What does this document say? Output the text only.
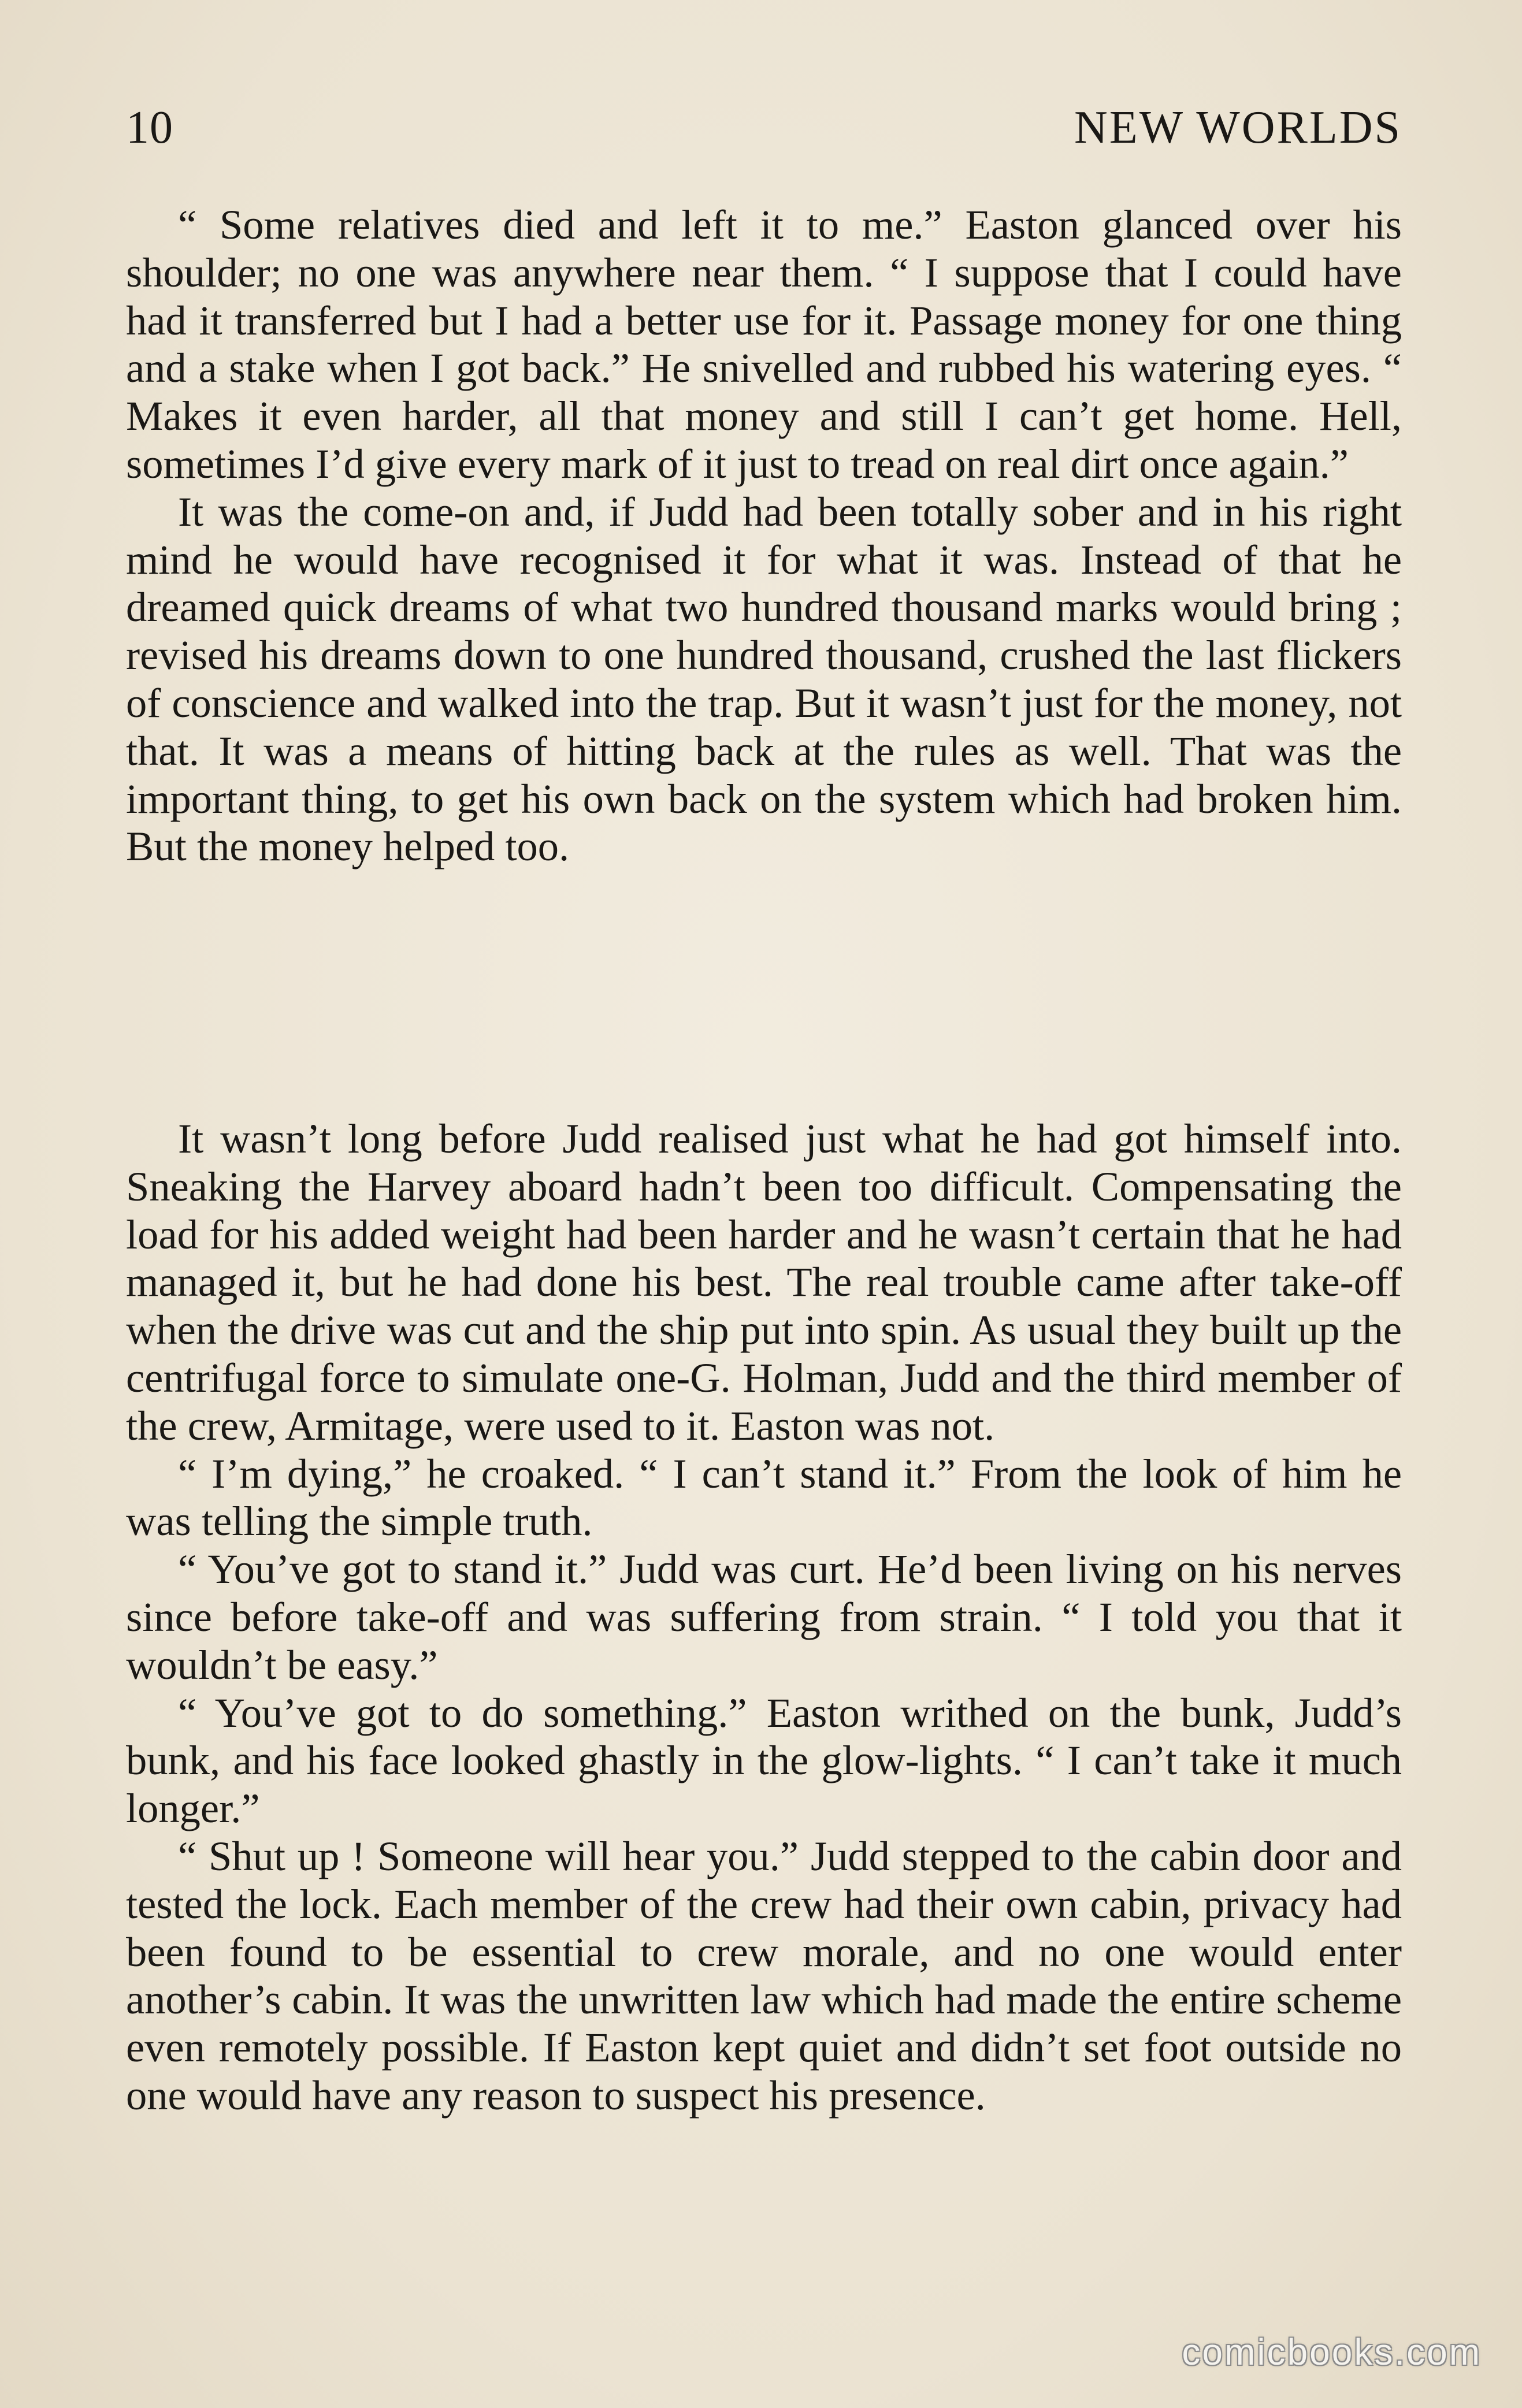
10	NEW WORLDS

“ Some relatives died and left it to me.” Easton glanced over his shoulder; no one was anywhere near them. “ I suppose that I could have had it transferred but I had a better use for it. Passage money for one thing and a stake when I got back.” He snivelled and rubbed his watering eyes. “ Makes it even harder, all that money and still I can’t get home. Hell, sometimes I’d give every mark of it just to tread on real dirt once again.”

It was the come-on and, if Judd had been totally sober and in his right mind he would have recognised it for what it was. Instead of that he dreamed quick dreams of what two hundred thousand marks would bring ; revised his dreams down to one hundred thousand, crushed the last flickers of conscience and walked into the trap. But it wasn’t just for the money, not that. It was a means of hitting back at the rules as well. That was the important thing, to get his own back on the system which had broken him. But the money helped too.

It wasn’t long before Judd realised just what he had got himself into. Sneaking the Harvey aboard hadn’t been too difficult. Compensating the load for his added weight had been harder and he wasn’t certain that he had managed it, but he had done his best. The real trouble came after take-off when the drive was cut and the ship put into spin. As usual they built up the centrifugal force to simulate one-G. Holman, Judd and the third member of the crew, Armitage, were used to it. Easton was not.

“ I’m dying,” he croaked. “ I can’t stand it.” From the look of him he was telling the simple truth.

“ You’ve got to stand it.” Judd was curt. He’d been living on his nerves since before take-off and was suffering from strain. “ I told you that it wouldn’t be easy.”

“ You’ve got to do something.” Easton writhed on the bunk, Judd’s bunk, and his face looked ghastly in the glow-lights. “ I can’t take it much longer.”

“ Shut up ! Someone will hear you.” Judd stepped to the cabin door and tested the lock. Each member of the crew had their own cabin, privacy had been found to be essential to crew morale, and no one would enter another’s cabin. It was the unwritten law which had made the entire scheme even remotely possible. If Easton kept quiet and didn’t set foot outside no one would have any reason to suspect his presence.

comicbooks.com
